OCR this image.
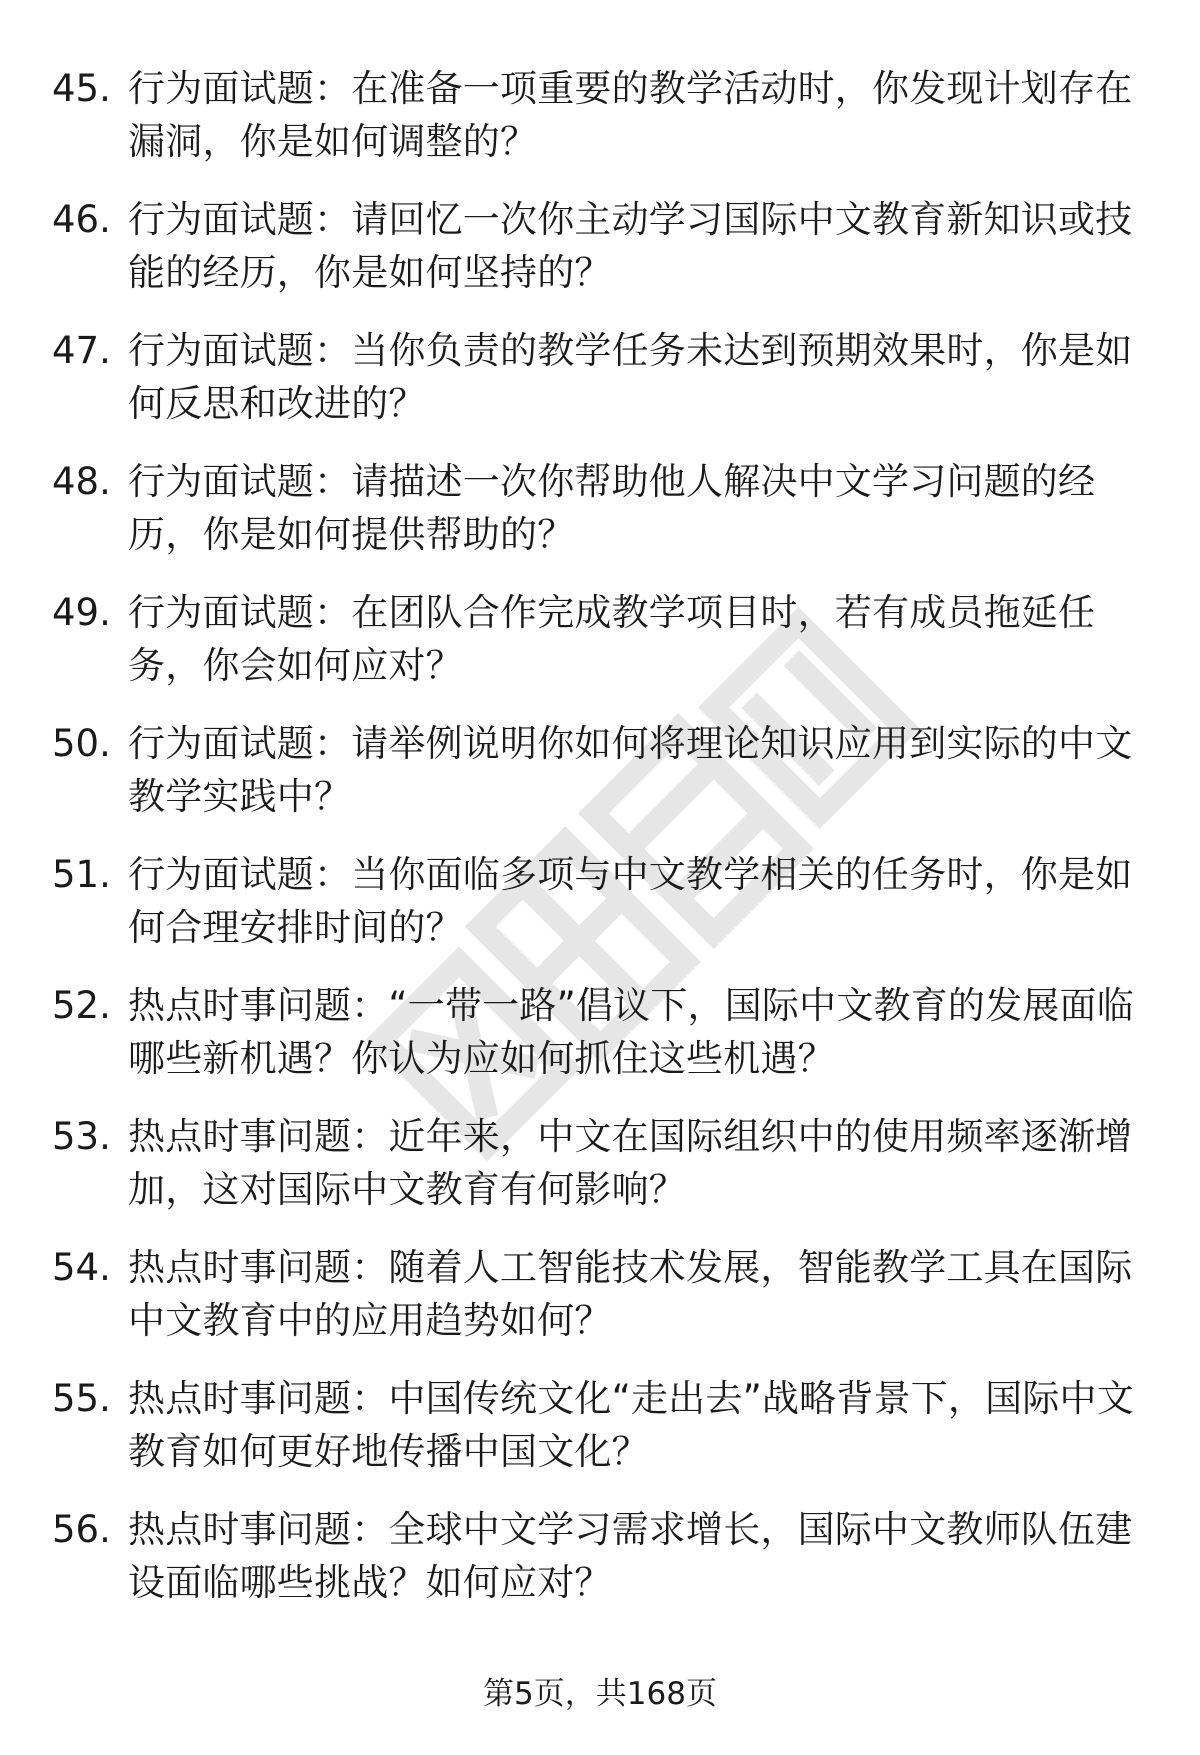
45. 行为面试题：在准备一项重要的教学活动时，你发现计划存在漏洞，你是如何调整的？
46. 行为面试题：请回忆一次你主动学习国际中文教育新知识或技能的经历，你是如何坚持的？
47. 行为面试题：当你负责的教学任务未达到预期效果时，你是如何反思和改进的？
48. 行为面试题：请描述一次你帮助他人解决中文学习问题的经历，你是如何提供帮助的？
49. 行为面试题：在团队合作完成教学项目时，若有成员拖延任务，你会如何应对？
50. 行为面试题：请举例说明你如何将理论知识应用到实际的中文教学实践中？
51. 行为面试题：当你面临多项与中文教学相关的任务时，你是如何合理安排时间的？
52. 热点时事问题：“一带一路”倡议下，国际中文教育的发展面临哪些新机遇？你认为应如何抓住这些机遇？
53. 热点时事问题：近年来，中文在国际组织中的使用频率逐渐增加，这对国际中文教育有何影响？
54. 热点时事问题：随着人工智能技术发展，智能教学工具在国际中文教育中的应用趋势如何？
55. 热点时事问题：中国传统文化“走出去”战略背景下，国际中文教育如何更好地传播中国文化？
56. 热点时事问题：全球中文学习需求增长，国际中文教师队伍建设面临哪些挑战？如何应对？
第5页，共168页
